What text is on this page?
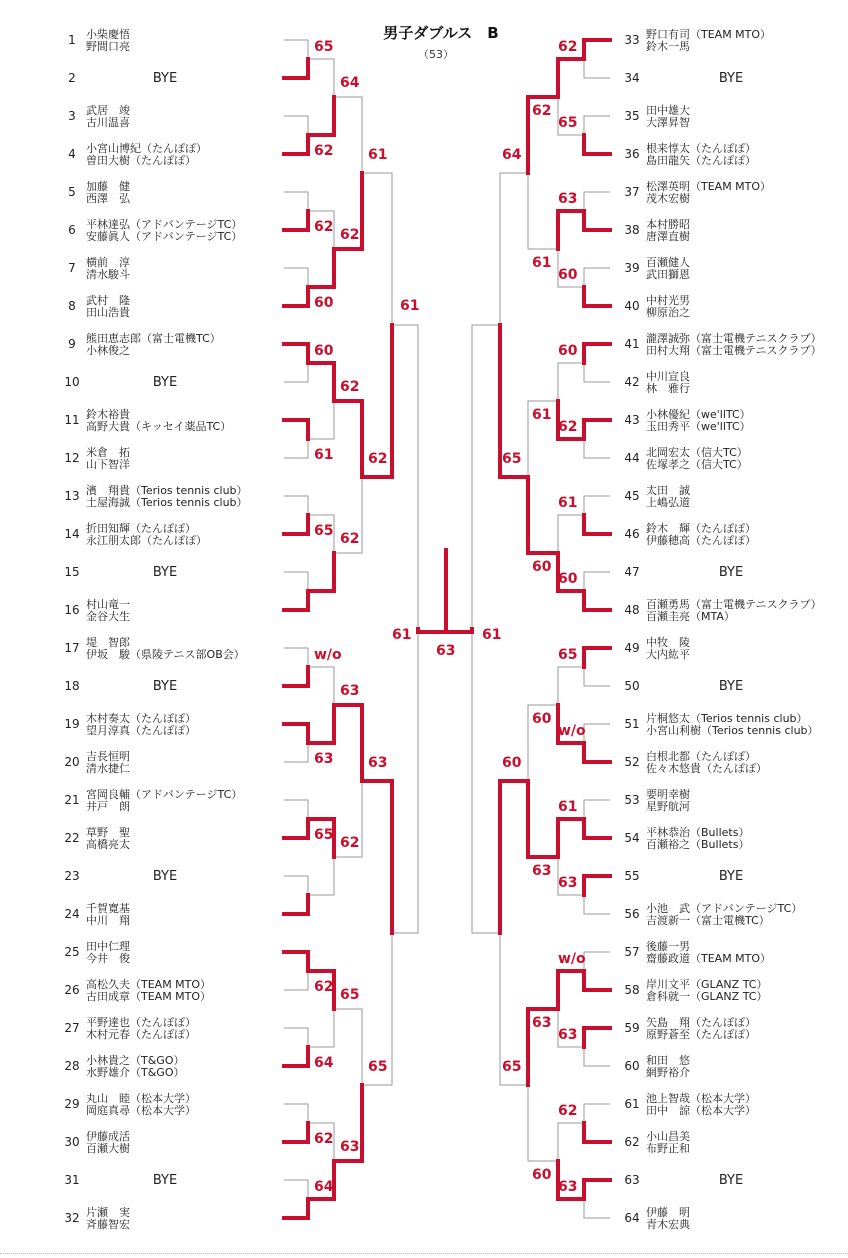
男子ダブルス　B
（53）
1 小柴慶悟
野間口亮
2	BYE
3 武居　竣
古川温喜
4 小宮山博紀（たんぽぽ）
曽田大樹（たんぽぽ）
5 加藤　健
西澤　弘
6 平林達弘（アドバンテージTC）
安藤眞人（アドバンテージTC）
7 横前　淳
清水駿斗
8 武村　隆
田山浩貴
9 熊田恵志郎（富士電機TC）
小林俊之
10	BYE
11 鈴木裕貴
高野大貴（キッセイ薬品TC）
12 米倉　拓
山下智洋
13 濱　翔貴（Terios tennis club）
土屋海誠（Terios tennis club）
14 折田知輝（たんぽぽ）
永江朋太郎（たんぽぽ）
15	BYE
16 村山竜一
金谷大生
17 堤　智郎
伊坂　駿（県陵テニス部OB会）
18	BYE
19 木村奏太（たんぽぽ）
望月淳真（たんぽぽ）
20 吉長恒明
清水捷仁
21 宮岡良輔（アドバンテージTC）
井戸　朗
22 草野　聖
高橋亮太
23	BYE
24 千賀寛基
中川　翔
25 田中仁理
今井　俊
26 高松久夫（TEAM MTO）
古田成章（TEAM MTO）
27 平野達也（たんぽぽ）
木村元春（たんぽぽ）
28 小林貴之（T&GO）
水野雄介（T&GO）
29 丸山　睦（松本大学）
岡庭真尋（松本大学）
30 伊藤成活
百瀬大樹
31	BYE
32 片瀬　実
斉藤智宏
33 野口有司（TEAM MTO）
鈴木一馬
34	BYE
35 田中雄大
大澤昇智
36 根来惇太（たんぽぽ）
島田龍矢（たんぽぽ）
37 松澤英明（TEAM MTO）
茂木宏樹
38 本村勝昭
唐澤直樹
39 百瀬健人
武田獅恩
40 中村光男
柳原治之
41 瀧澤誠弥（富士電機テニスクラブ）
田村大翔（富士電機テニスクラブ）
42 中川宣良
林　雅行
43 小林優紀（we'llTC）
玉田秀平（we'llTC）
44 北岡宏太（信大TC）
佐塚孝之（信大TC）
45 太田　誠
上嶋弘道
46 鈴木　輝（たんぽぽ）
伊藤穂高（たんぽぽ）
47	BYE
48 百瀬勇馬（富士電機テニスクラブ）
百瀬圭亮（MTA）
49 中牧　陵
大内紘平
50	BYE
51 片桐悠太（Terios tennis club）
小宮山利樹（Terios tennis club）
52 白根北都（たんぽぽ）
佐々木悠貴（たんぽぽ）
53 要明幸樹
星野航河
54 平林恭治（Bullets）
百瀬裕之（Bullets）
55	BYE
56 小池　武（アドバンテージTC）
吉渡新一（富士電機TC）
57 後藤一男
齋藤政道（TEAM MTO）
58 岸川文平（GLANZ TC）
倉科就一（GLANZ TC）
59 矢島　翔（たんぽぽ）
原野蒼至（たんぽぽ）
60 和田　悠
網野裕介
61 池上智哉（松本大学）
田中　諒（松本大学）
62 小山昌美
布野正和
63	BYE
64 伊藤　明
青木宏典
62
62
60
61
65
63
65
62
64
62
65
60
w/o
64
64
62
62
62
63
62
65
63
61
62
63
65
62
65
63
60
60
62
61
60
65
w/o
61
63
w/o
63
62
63
62
61
61
60
60
63
63
60
64
65
60
65
61
61
61
63
